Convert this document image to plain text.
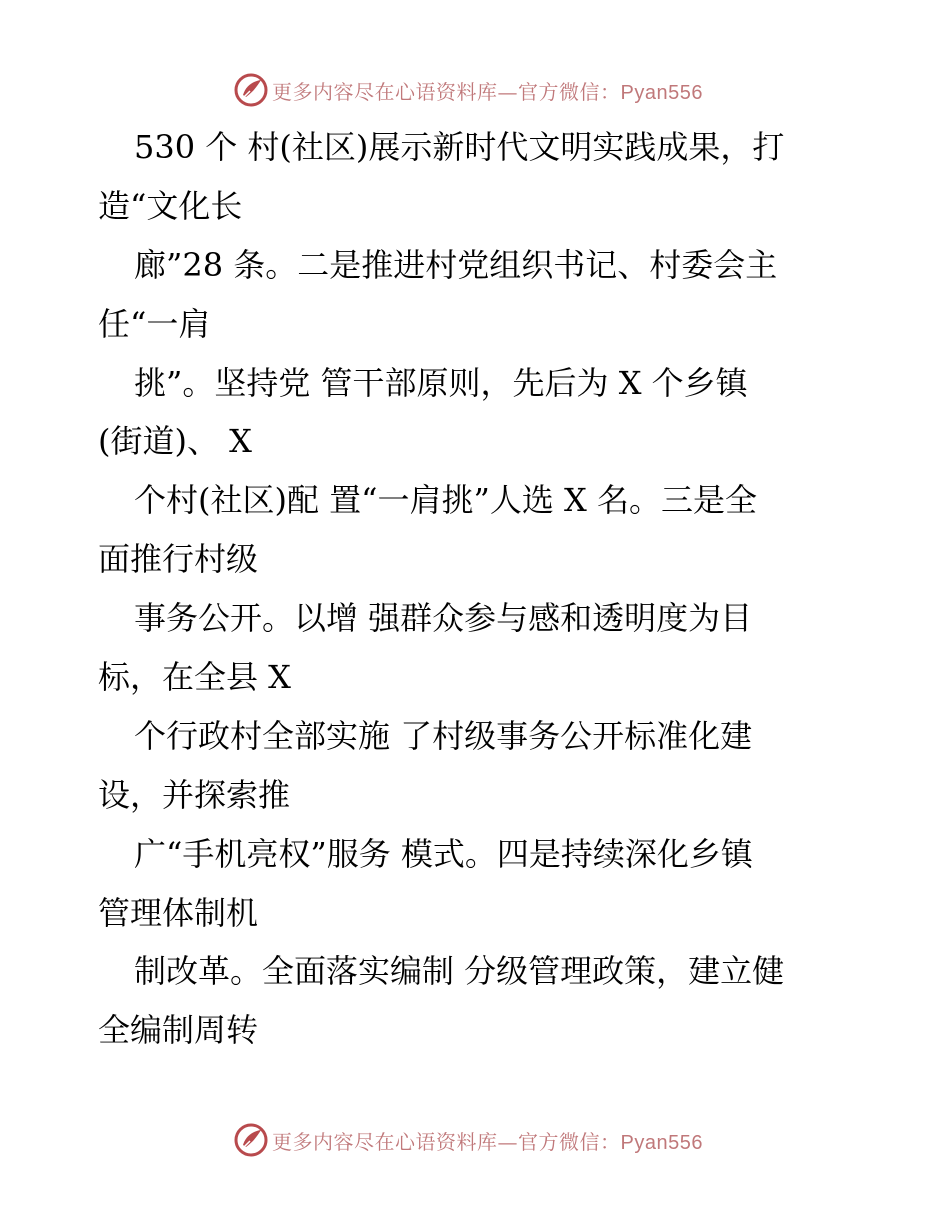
更多内容尽在心语资料库—官方微信：Pyan556
530 个 村(社区)展示新时代文明实践成果，打
造“文化长
廊”28 条。二是推进村党组织书记、村委会主
任“一肩
挑”。坚持党 管干部原则，先后为 X 个乡镇
(街道)、 X
个村(社区)配 置“一肩挑”人选 X 名。三是全
面推行村级
事务公开。以增 强群众参与感和透明度为目
标，在全县 X
个行政村全部实施 了村级事务公开标准化建
设，并探索推
广“手机亮权”服务 模式。四是持续深化乡镇
管理体制机
制改革。全面落实编制 分级管理政策，建立健
全编制周转
更多内容尽在心语资料库—官方微信：Pyan556
